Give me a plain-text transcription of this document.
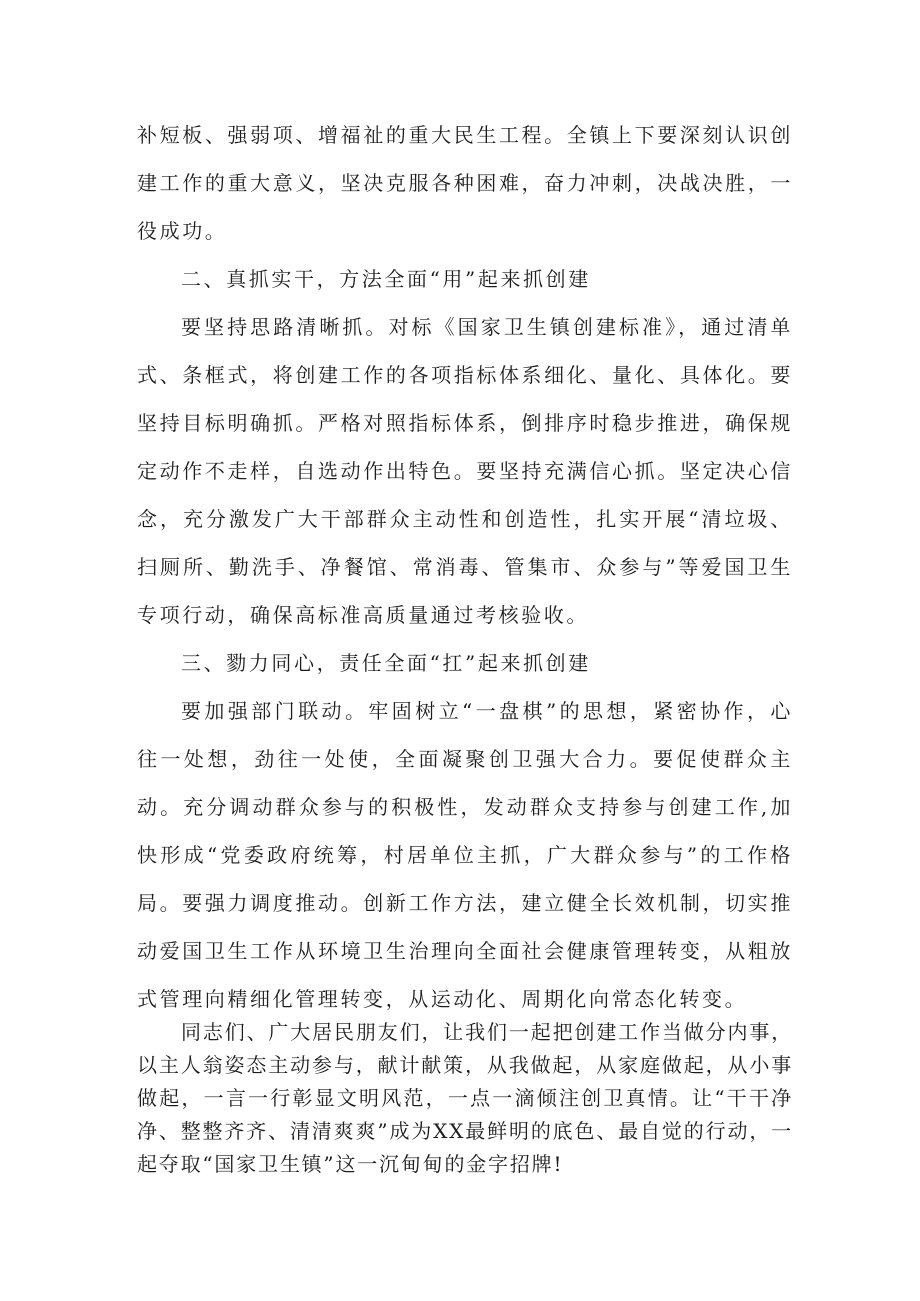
补短板、强弱项、增福祉的重大民生工程。全镇上下要深刻认识创建工作的重大意义，坚决克服各种困难，奋力冲刺，决战决胜，一役成功。

二、真抓实干，方法全面“用”起来抓创建

要坚持思路清晰抓。对标《国家卫生镇创建标准》，通过清单式、条框式，将创建工作的各项指标体系细化、量化、具体化。要坚持目标明确抓。严格对照指标体系，倒排序时稳步推进，确保规定动作不走样，自选动作出特色。要坚持充满信心抓。坚定决心信念，充分激发广大干部群众主动性和创造性，扎实开展“清垃圾、扫厕所、勤洗手、净餐馆、常消毒、管集市、众参与”等爱国卫生专项行动，确保高标准高质量通过考核验收。

三、勠力同心，责任全面“扛”起来抓创建

要加强部门联动。牢固树立“一盘棋”的思想，紧密协作，心往一处想，劲往一处使，全面凝聚创卫强大合力。要促使群众主动。充分调动群众参与的积极性，发动群众支持参与创建工作,加快形成“党委政府统筹，村居单位主抓，广大群众参与”的工作格局。要强力调度推动。创新工作方法，建立健全长效机制，切实推动爱国卫生工作从环境卫生治理向全面社会健康管理转变，从粗放式管理向精细化管理转变，从运动化、周期化向常态化转变。

同志们、广大居民朋友们，让我们一起把创建工作当做分内事，以主人翁姿态主动参与，献计献策，从我做起，从家庭做起，从小事做起，一言一行彰显文明风范，一点一滴倾注创卫真情。让“干干净净、整整齐齐、清清爽爽”成为XX最鲜明的底色、最自觉的行动，一起夺取“国家卫生镇”这一沉甸甸的金字招牌!
